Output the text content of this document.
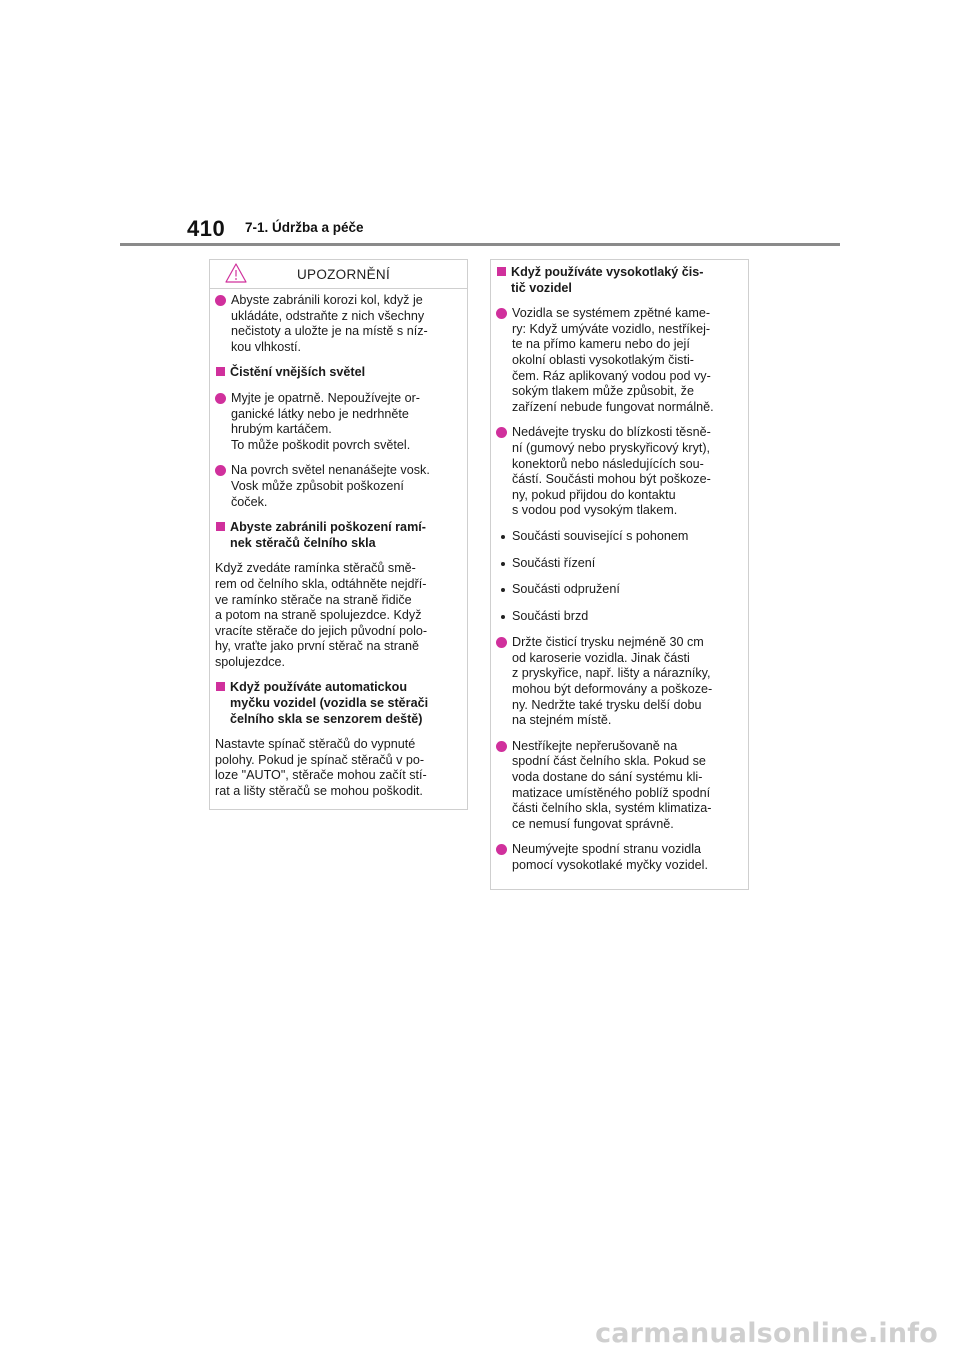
410 7-1. Údržba a péče
UPOZORNĚNÍ
Abyste zabránili korozi kol, když je
ukládáte, odstraňte z nich všechny
nečistoty a uložte je na místě s níz-
kou vlhkostí.
Čistění vnějších světel
Myjte je opatrně. Nepoužívejte or-
ganické látky nebo je nedrhněte
hrubým kartáčem.
To může poškodit povrch světel.
Na povrch světel nenanášejte vosk.
Vosk může způsobit poškození
čoček.
Abyste zabránili poškození ramí-
nek stěračů čelního skla
Když zvedáte ramínka stěračů smě-
rem od čelního skla, odtáhněte nejdří-
ve ramínko stěrače na straně řidiče
a potom na straně spolujezdce. Když
vracíte stěrače do jejich původní polo-
hy, vraťte jako první stěrač na straně
spolujezdce.
Když používáte automatickou
myčku vozidel (vozidla se stěrači
čelního skla se senzorem deště)
Nastavte spínač stěračů do vypnuté
polohy. Pokud je spínač stěračů v po-
loze "AUTO", stěrače mohou začít stí-
rat a lišty stěračů se mohou poškodit.
Když používáte vysokotlaký čis-
tič vozidel
Vozidla se systémem zpětné kame-
ry: Když umýváte vozidlo, nestříkej-
te na přímo kameru nebo do její
okolní oblasti vysokotlakým čisti-
čem. Ráz aplikovaný vodou pod vy-
sokým tlakem může způsobit, že
zařízení nebude fungovat normálně.
Nedávejte trysku do blízkosti těsně-
ní (gumový nebo pryskyřicový kryt),
konektorů nebo následujících sou-
částí. Součásti mohou být poškoze-
ny, pokud přijdou do kontaktu
s vodou pod vysokým tlakem.
Součásti související s pohonem
Součásti řízení
Součásti odpružení
Součásti brzd
Držte čisticí trysku nejméně 30 cm
od karoserie vozidla. Jinak části
z pryskyřice, např. lišty a nárazníky,
mohou být deformovány a poškoze-
ny. Nedržte také trysku delší dobu
na stejném místě.
Nestříkejte nepřerušovaně na
spodní část čelního skla. Pokud se
voda dostane do sání systému kli-
matizace umístěného poblíž spodní
části čelního skla, systém klimatiza-
ce nemusí fungovat správně.
Neumývejte spodní stranu vozidla
pomocí vysokotlaké myčky vozidel.
carmanualsonline.info
